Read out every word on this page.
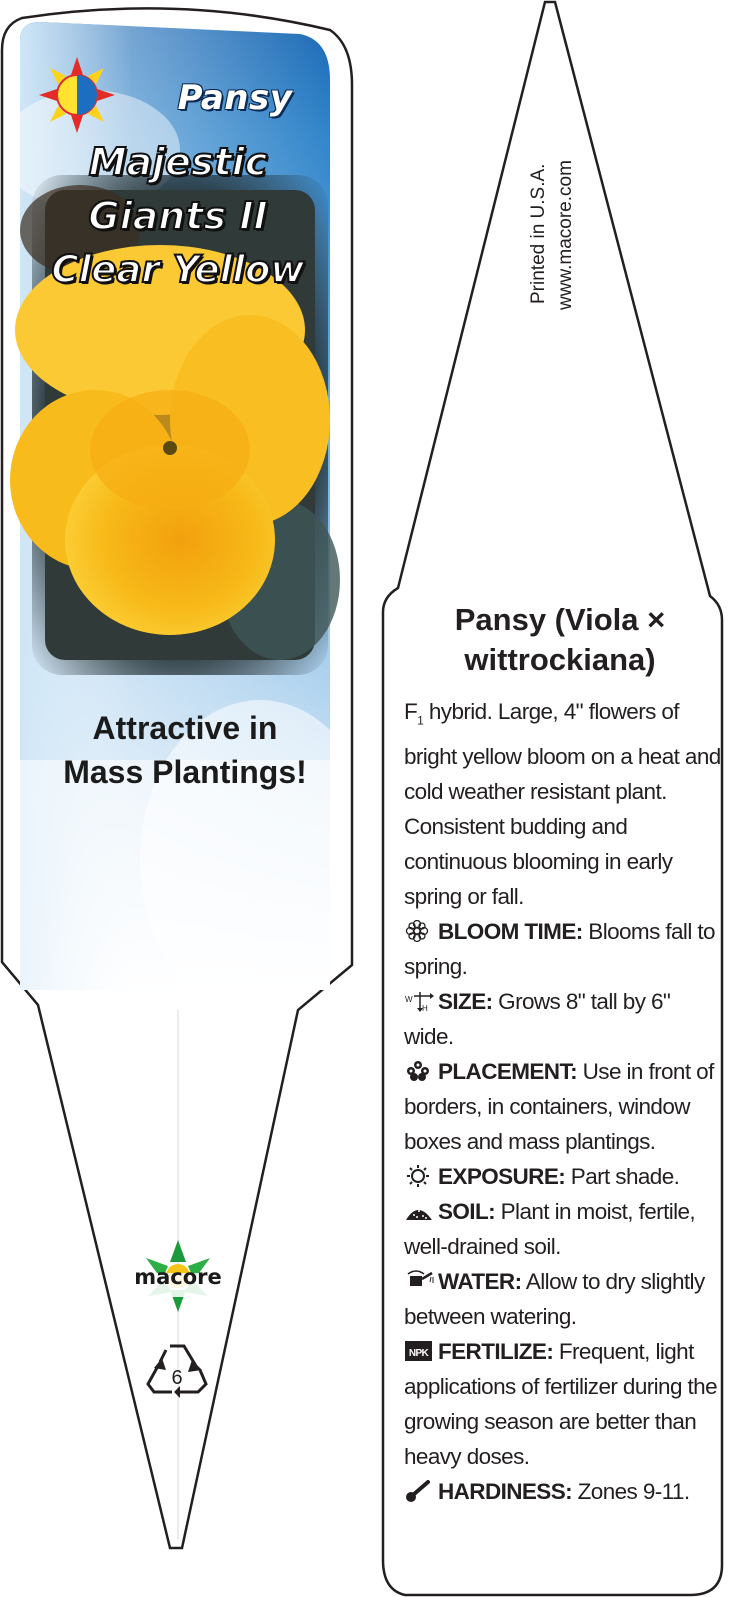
Pansy
Majestic
Giants II
Clear Yellow
Attractive in
Mass Plantings!
macore
6
Printed in U.S.A. www.macore.com
Pansy (Viola ×
wittrockiana)

$F_1$ hybrid. Large, 4" flowers of bright yellow bloom on a heat and cold weather resistant plant. Consistent budding and continuous blooming in early spring or fall.

BLOOM TIME: Blooms fall to spring.

W
H SIZE: Grows 8" tall by 6" wide.

PLACEMENT: Use in front of borders, in containers, window boxes and mass plantings.

EXPOSURE: Part shade.

SOIL: Plant in moist, fertile, well-drained soil.

WATER: Allow to dry slightly between watering.

NPK FERTILIZE: Frequent, light applications of fertilizer during the growing season are better than heavy doses.

HARDINESS: Zones 9-11.
